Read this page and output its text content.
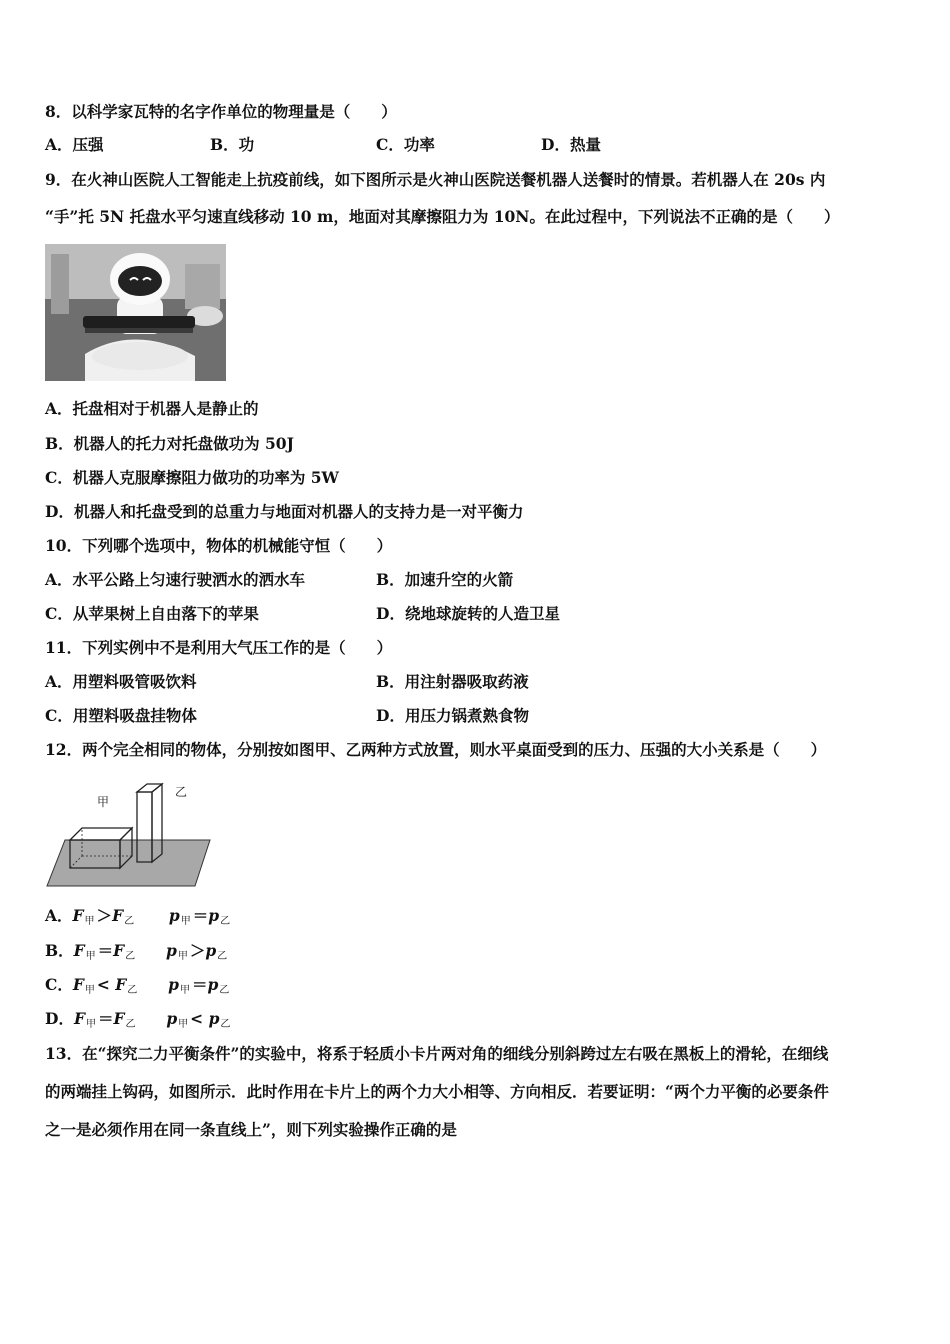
8．以科学家瓦特的名字作单位的物理量是（　　）
A．压强	B．功	C．功率	D．热量
9．在火神山医院人工智能走上抗疫前线，如下图所示是火神山医院送餐机器人送餐时的情景。若机器人在 20s 内
“手”托 5N 托盘水平匀速直线移动 10 m，地面对其摩擦阻力为 10N。在此过程中，下列说法不正确的是（　　）
A．托盘相对于机器人是静止的
B．机器人的托力对托盘做功为 50J
C．机器人克服摩擦阻力做功的功率为 5W
D．机器人和托盘受到的总重力与地面对机器人的支持力是一对平衡力
10．下列哪个选项中，物体的机械能守恒（　　）
A．水平公路上匀速行驶洒水的洒水车	B．加速升空的火箭
C．从苹果树上自由落下的苹果	D．绕地球旋转的人造卫星
11．下列实例中不是利用大气压工作的是（　　）
A．用塑料吸管吸饮料	B．用注射器吸取药液
C．用塑料吸盘挂物体	D．用压力锅煮熟食物
12．两个完全相同的物体，分别按如图甲、乙两种方式放置，则水平桌面受到的压力、压强的大小关系是（　　）
甲
乙
A．$F_甲 >F_乙$ $p_甲 =p_乙$
B．$F_甲 =F_乙$ $p_甲 >p_乙$
C．$F_甲 < F_乙$ $p_甲 =p_乙$
D．$F_甲 =F_乙$ $p_甲 < p_乙$
13．在“探究二力平衡条件”的实验中，将系于轻质小卡片两对角的细线分别斜跨过左右吸在黑板上的滑轮，在细线
的两端挂上钩码，如图所示．此时作用在卡片上的两个力大小相等、方向相反．若要证明：“两个力平衡的必要条件
之一是必须作用在同一条直线上”，则下列实验操作正确的是
